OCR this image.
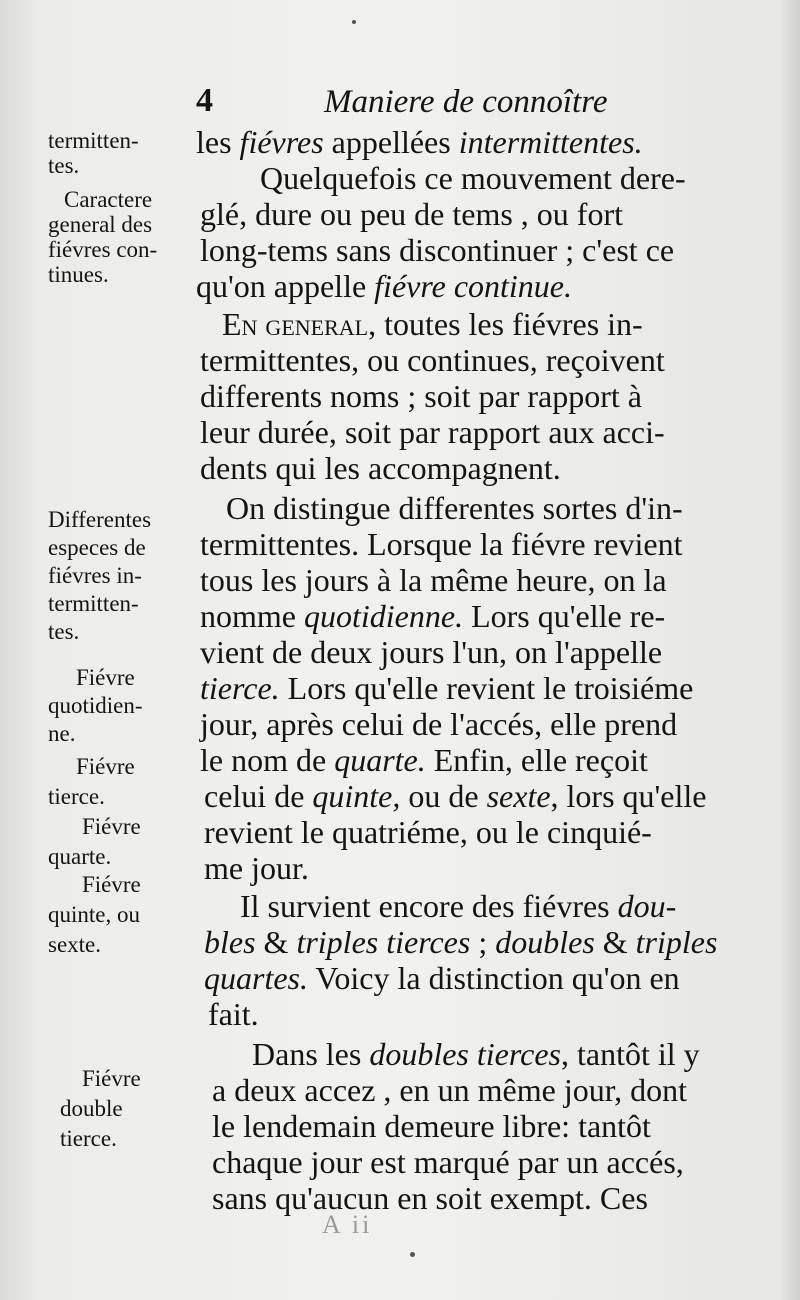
4	Maniere de connoître
termitten-
tes.
Caractere
general des
fiévres con-
tinues.
Differentes
especes de
fiévres in-
termitten-
tes.
Fiévre
quotidien-
ne.
Fiévre
tierce.
Fiévre
quarte.
Fiévre
quinte, ou
sexte.
Fiévre
double
tierce.
les fiévres appellées intermittentes.
Quelquefois ce mouvement dere-
glé, dure ou peu de tems , ou fort
long-tems sans discontinuer ; c'est ce
qu'on appelle fiévre continue.
En general, toutes les fiévres in-
termittentes, ou continues, reçoivent
differents noms ; soit par rapport à
leur durée, soit par rapport aux acci-
dents qui les accompagnent.
On distingue differentes sortes d'in-
termittentes. Lorsque la fiévre revient
tous les jours à la même heure, on la
nomme quotidienne. Lors qu'elle re-
vient de deux jours l'un, on l'appelle
tierce. Lors qu'elle revient le troisiéme
jour, après celui de l'accés, elle prend
le nom de quarte. Enfin, elle reçoit
celui de quinte, ou de sexte, lors qu'elle
revient le quatriéme, ou le cinquié-
me jour.
Il survient encore des fiévres dou-
bles & triples tierces ; doubles & triples
quartes. Voicy la distinction qu'on en
fait.
Dans les doubles tierces, tantôt il y
a deux accez , en un même jour, dont
le lendemain demeure libre: tantôt
chaque jour est marqué par un accés,
sans qu'aucun en soit exempt. Ces
A ii
